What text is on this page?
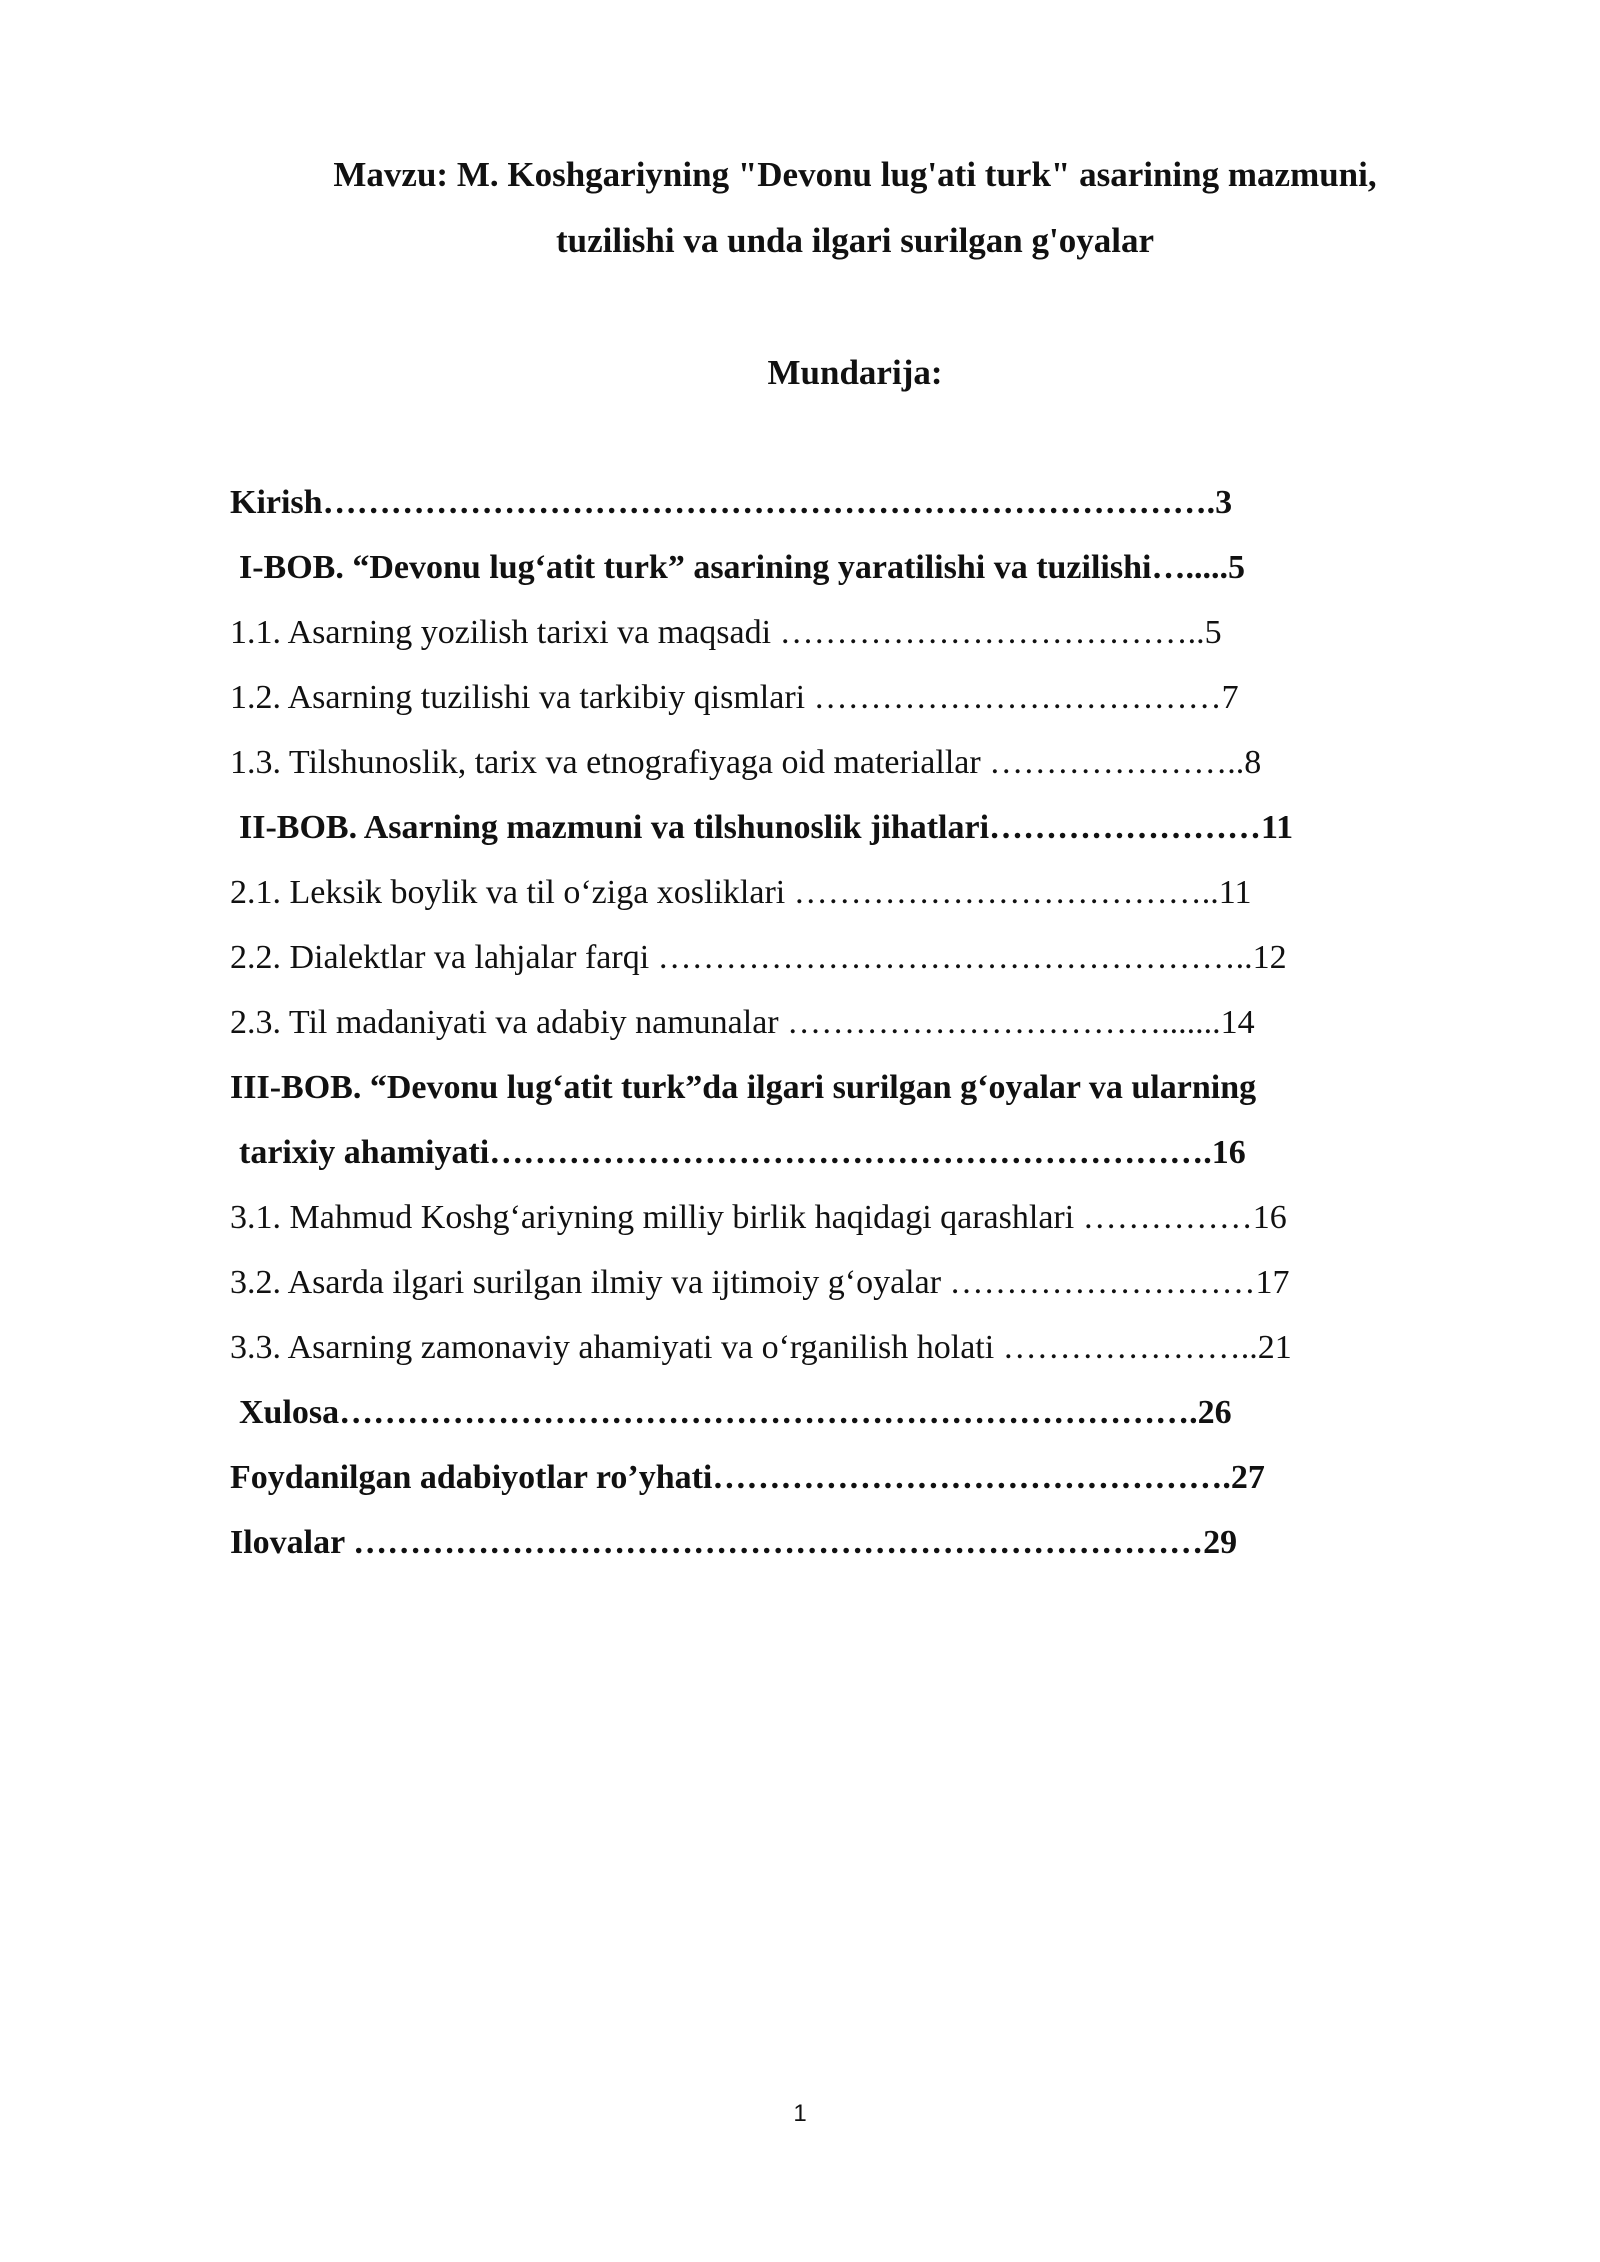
Mavzu: M. Koshgariyning "Devonu lug'ati turk" asarining mazmuni,
tuzilishi va unda ilgari surilgan g'oyalar
Mundarija:
Kirish…………………………………………………………………….3
I-BOB. “Devonu lug‘atit turk” asarining yaratilishi va tuzilishi….....5
1.1. Asarning yozilish tarixi va maqsadi ………………………………..5
1.2. Asarning tuzilishi va tarkibiy qismlari ………………………………7
1.3. Tilshunoslik, tarix va etnografiyaga oid materiallar …………………..8
II-BOB. Asarning mazmuni va tilshunoslik jihatlari……………………11
2.1. Leksik boylik va til o‘ziga xosliklari ………………………………..11
2.2. Dialektlar va lahjalar farqi ……………………………………………..12
2.3. Til madaniyati va adabiy namunalar …………………………….......14
III-BOB. “Devonu lug‘atit turk”da ilgari surilgan g‘oyalar va ularning
tarixiy ahamiyati……………………………………………………….16
3.1. Mahmud Koshg‘ariyning milliy birlik haqidagi qarashlari ……………16
3.2. Asarda ilgari surilgan ilmiy va ijtimoiy g‘oyalar ………………………17
3.3. Asarning zamonaviy ahamiyati va o‘rganilish holati …………………..21
Xulosa………………………………………………………………….26
Foydanilgan adabiyotlar ro’yhati……………………………………….27
Ilovalar …………………………………………………………………29
1
